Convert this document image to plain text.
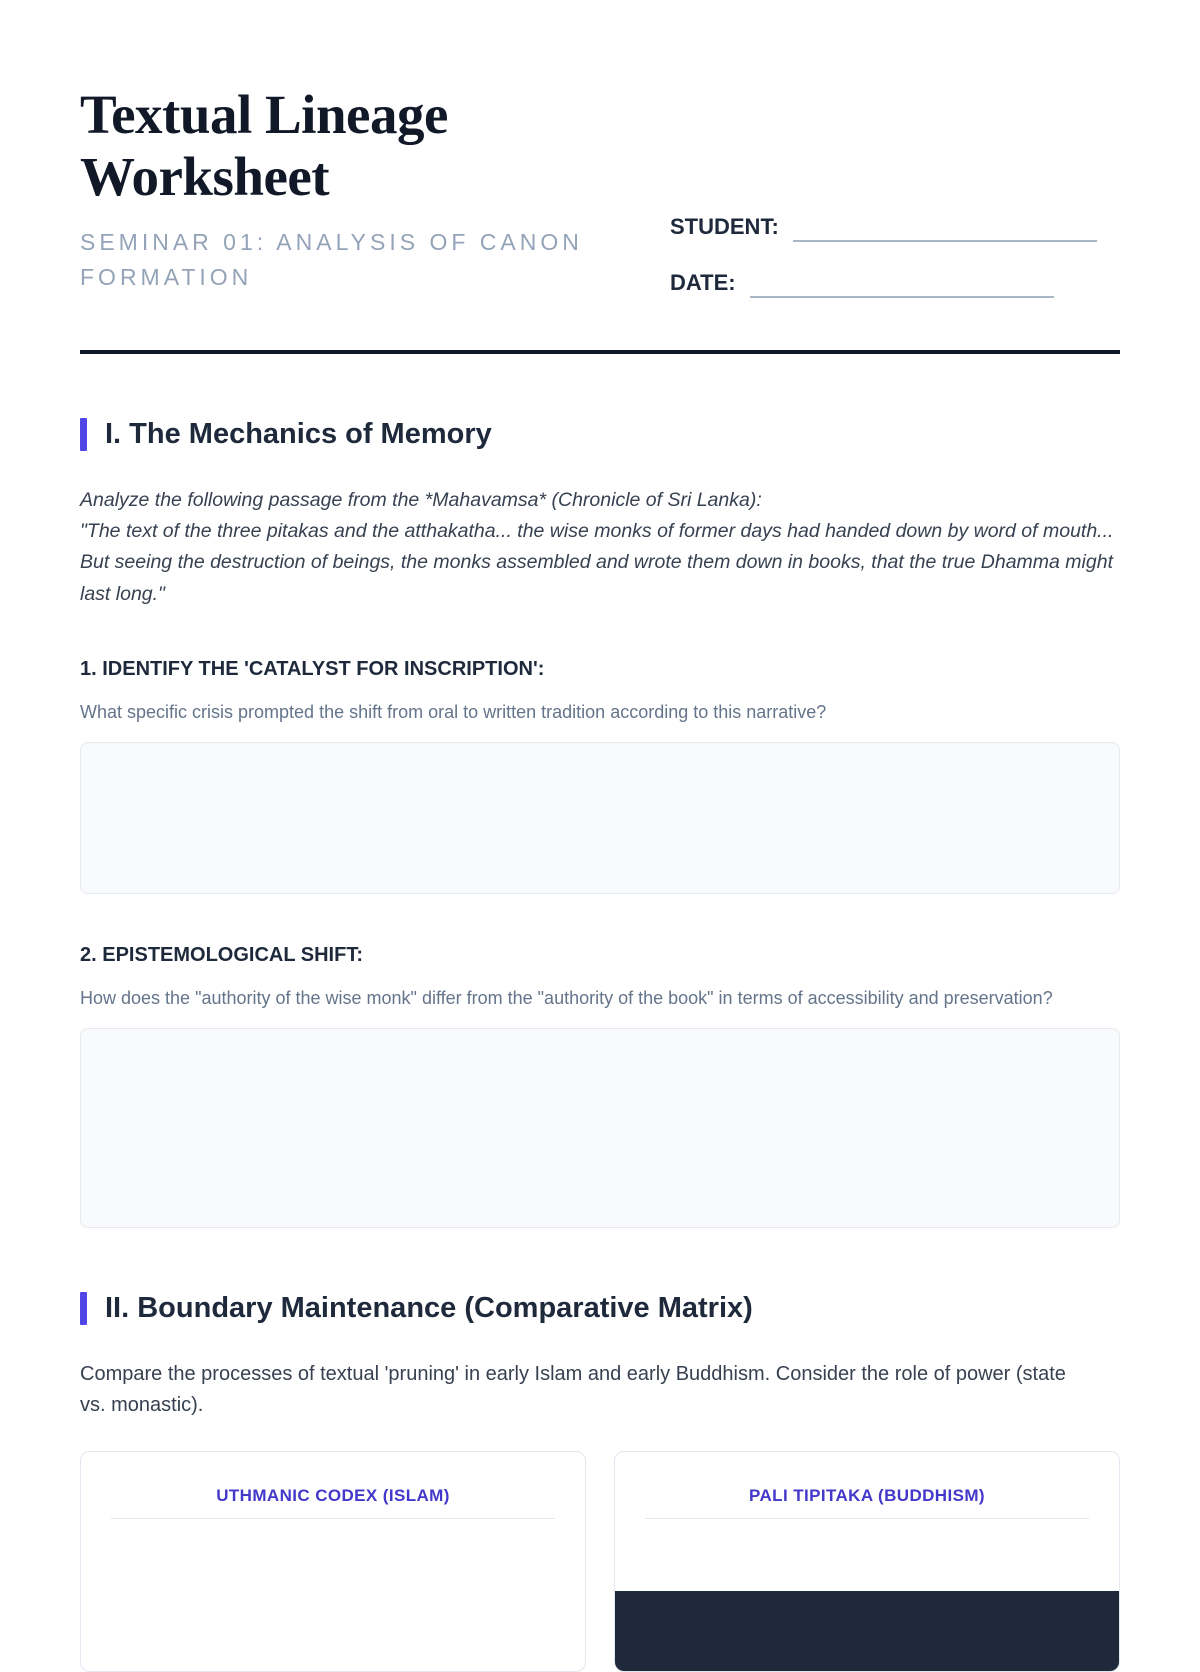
Textual Lineage Worksheet
SEMINAR 01: ANALYSIS OF CANON FORMATION
STUDENT:
DATE:
I. The Mechanics of Memory

Analyze the following passage from the *Mahavamsa* (Chronicle of Sri Lanka):

"The text of the three pitakas and the atthakatha... the wise monks of former days had handed down by word of mouth... But seeing the destruction of beings, the monks assembled and wrote them down in books, that the true Dhamma might last long."

1. IDENTIFY THE 'CATALYST FOR INSCRIPTION':

What specific crisis prompted the shift from oral to written tradition according to this narrative?

2. EPISTEMOLOGICAL SHIFT:

How does the "authority of the wise monk" differ from the "authority of the book" in terms of accessibility and preservation?

II. Boundary Maintenance (Comparative Matrix)

Compare the processes of textual 'pruning' in early Islam and early Buddhism. Consider the role of power (state vs. monastic).

UTHMANIC CODEX (ISLAM)	PALI TIPITAKA (BUDDHISM)
